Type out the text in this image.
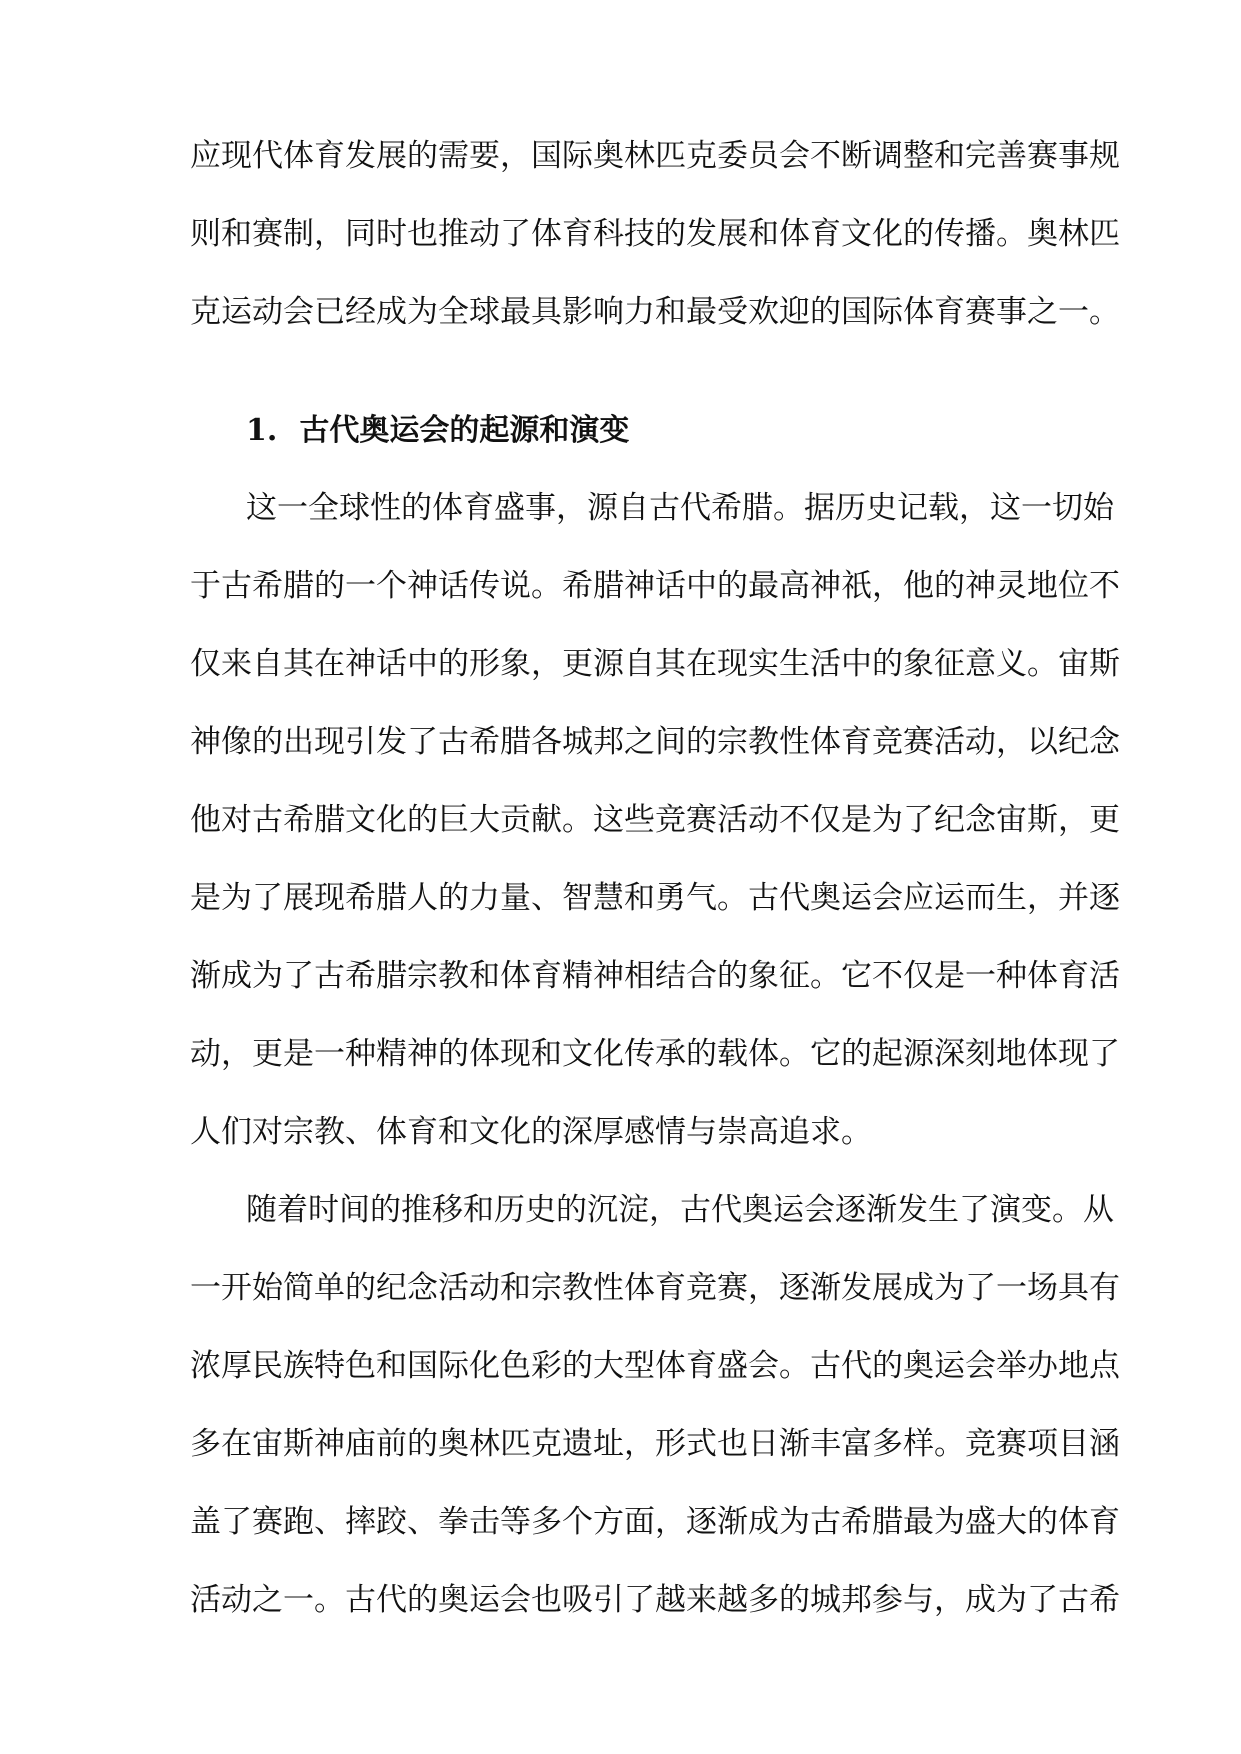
应现代体育发展的需要，国际奥林匹克委员会不断调整和完善赛事规
则和赛制，同时也推动了体育科技的发展和体育文化的传播。奥林匹
克运动会已经成为全球最具影响力和最受欢迎的国际体育赛事之一。
1. 古代奥运会的起源和演变
这一全球性的体育盛事，源自古代希腊。据历史记载，这一切始
于古希腊的一个神话传说。希腊神话中的最高神祇，他的神灵地位不
仅来自其在神话中的形象，更源自其在现实生活中的象征意义。宙斯
神像的出现引发了古希腊各城邦之间的宗教性体育竞赛活动，以纪念
他对古希腊文化的巨大贡献。这些竞赛活动不仅是为了纪念宙斯，更
是为了展现希腊人的力量、智慧和勇气。古代奥运会应运而生，并逐
渐成为了古希腊宗教和体育精神相结合的象征。它不仅是一种体育活
动，更是一种精神的体现和文化传承的载体。它的起源深刻地体现了
人们对宗教、体育和文化的深厚感情与崇高追求。
随着时间的推移和历史的沉淀，古代奥运会逐渐发生了演变。从
一开始简单的纪念活动和宗教性体育竞赛，逐渐发展成为了一场具有
浓厚民族特色和国际化色彩的大型体育盛会。古代的奥运会举办地点
多在宙斯神庙前的奥林匹克遗址，形式也日渐丰富多样。竞赛项目涵
盖了赛跑、摔跤、拳击等多个方面，逐渐成为古希腊最为盛大的体育
活动之一。古代的奥运会也吸引了越来越多的城邦参与，成为了古希
